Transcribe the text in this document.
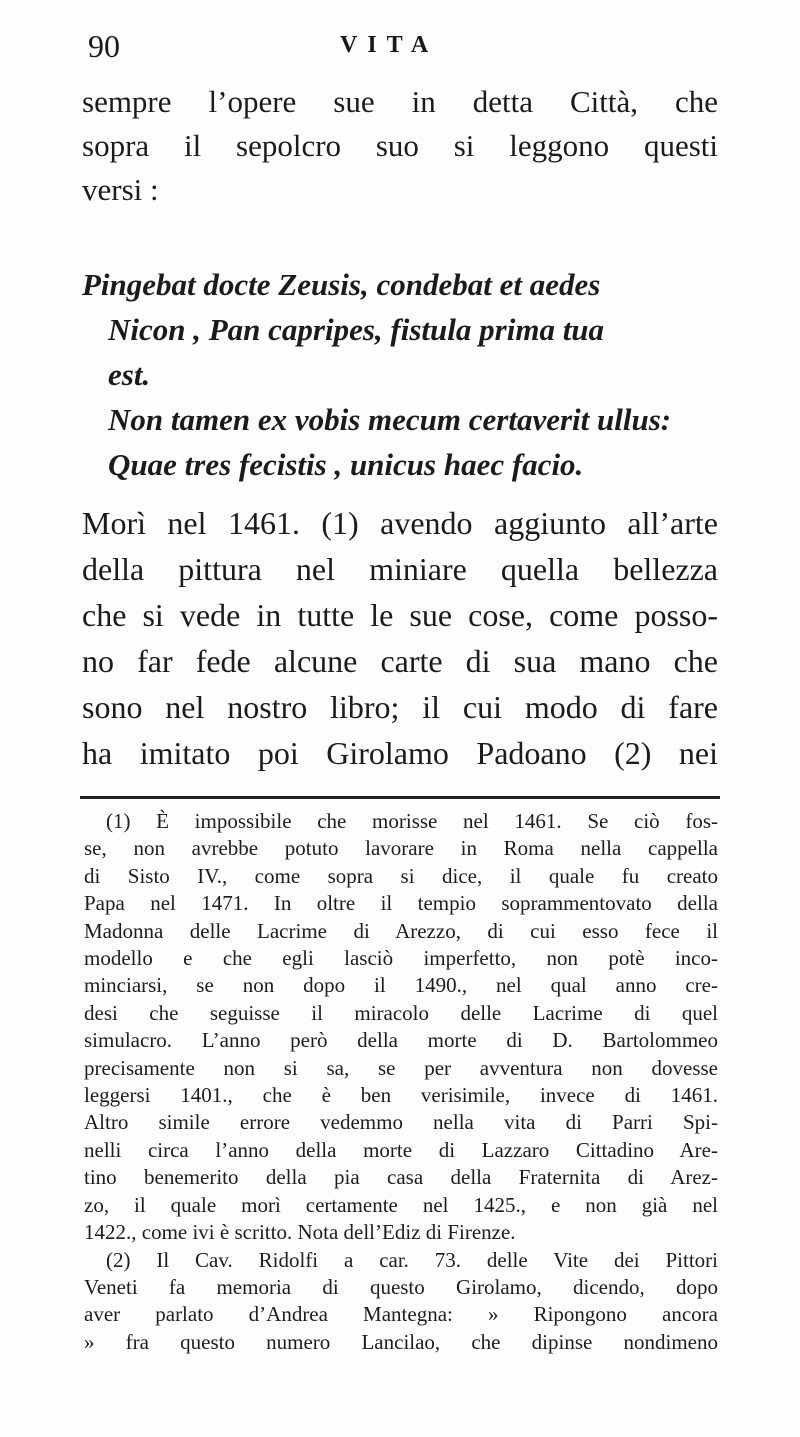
90	VITA
sempre l’opere sue in detta Città, che
sopra il sepolcro suo si leggono questi
versi :
Pingebat docte Zeusis, condebat et aedes
Nicon , Pan capripes, fistula prima tua
est.
Non tamen ex vobis mecum certaverit ullus:
Quae tres fecistis , unicus haec facio.
Morì nel 1461. (1) avendo aggiunto all’arte
della pittura nel miniare quella bellezza
che si vede in tutte le sue cose, come posso-
no far fede alcune carte di sua mano che
sono nel nostro libro; il cui modo di fare
ha imitato poi Girolamo Padoano (2) nei
(1) È impossibile che morisse nel 1461. Se ciò fos-
se, non avrebbe potuto lavorare in Roma nella cappella
di Sisto IV., come sopra si dice, il quale fu creato
Papa nel 1471. In oltre il tempio soprammentovato della
Madonna delle Lacrime di Arezzo, di cui esso fece il
modello e che egli lasciò imperfetto, non potè inco-
minciarsi, se non dopo il 1490., nel qual anno cre-
desi che seguisse il miracolo delle Lacrime di quel
simulacro. L’anno però della morte di D. Bartolommeo
precisamente non si sa, se per avventura non dovesse
leggersi 1401., che è ben verisimile, invece di 1461.
Altro simile errore vedemmo nella vita di Parri Spi-
nelli circa l’anno della morte di Lazzaro Cittadino Are-
tino benemerito della pia casa della Fraternita di Arez-
zo, il quale morì certamente nel 1425., e non già nel
1422., come ivi è scritto. Nota dell’Ediz di Firenze.
(2) Il Cav. Ridolfi a car. 73. delle Vite dei Pittori
Veneti fa memoria di questo Girolamo, dicendo, dopo
aver parlato d’Andrea Mantegna: » Ripongono ancora
» fra questo numero Lancilao, che dipinse nondimeno
